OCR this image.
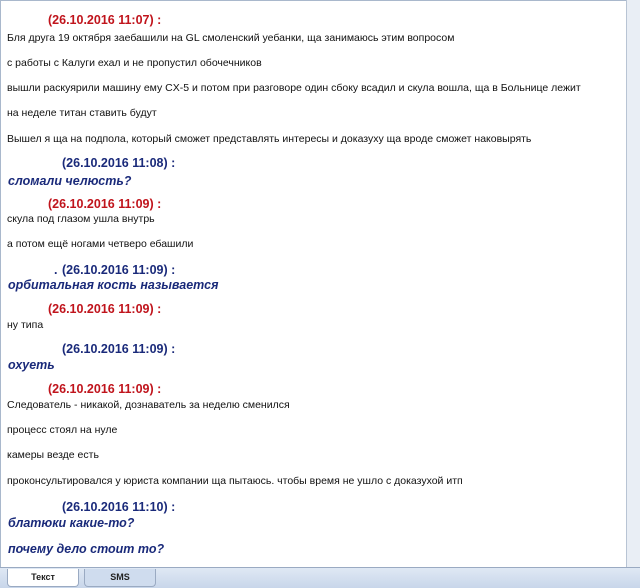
(26.10.2016 11:07) :
Бля друга 19 октября заебашили на GL смоленский уебанки, ща занимаюсь этим вопросом
с работы с Калуги ехал и не пропустил обочечников
вышли раскуярили машину ему CX-5 и потом при разговоре один сбоку всадил и скула вошла, ща в Больнице лежит
на неделе титан ставить будут
Вышел я ща на подпола, который сможет представлять интересы и доказуху ща вроде сможет наковырять
(26.10.2016 11:08) :
сломали челюсть?
(26.10.2016 11:09) :
скула под глазом ушла внутрь
а потом ещё ногами четверо ебашили
. (26.10.2016 11:09) :
орбитальная кость называется
(26.10.2016 11:09) :
ну типа
(26.10.2016 11:09) :
охуеть
(26.10.2016 11:09) :
Следователь - никакой, дознаватель за неделю сменился
процесс стоял на нуле
камеры везде есть
проконсультировался у юриста компании ща пытаюсь. чтобы время не ушло с доказухой итп
(26.10.2016 11:10) :
блатюки какие-то?
почему дело стоит то?
Текст	SMS
